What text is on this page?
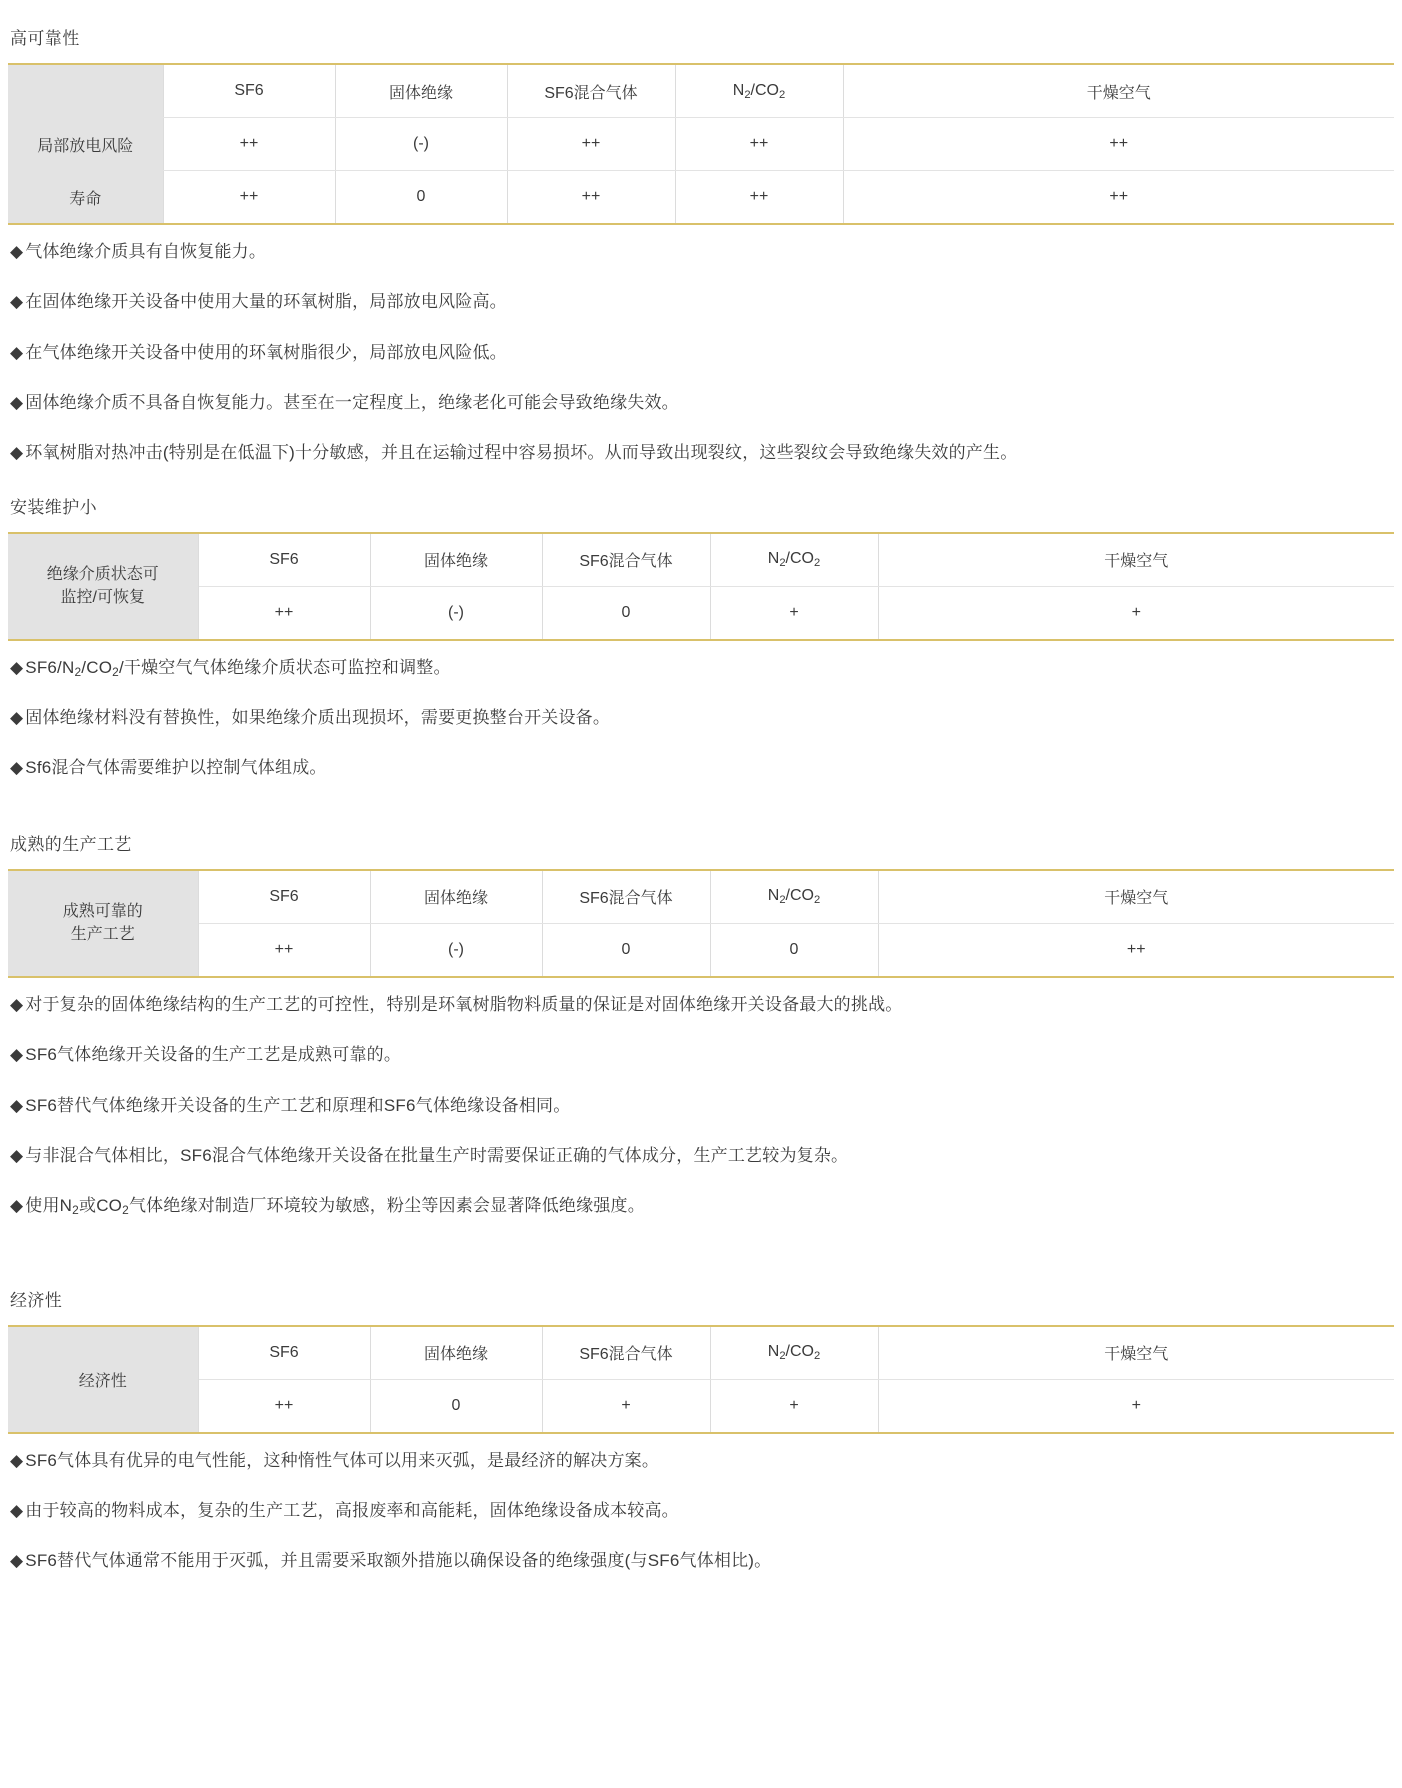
高可靠性
	SF6	固体绝缘	SF6混合气体	$N_2/CO_2$	干燥空气
局部放电风险	++	(-)	++	++	++
寿命	++	0	++	++	++

◆ 气体绝缘介质具有自恢复能力。

◆ 在固体绝缘开关设备中使用大量的环氧树脂，局部放电风险高。

◆ 在气体绝缘开关设备中使用的环氧树脂很少，局部放电风险低。

◆ 固体绝缘介质不具备自恢复能力。甚至在一定程度上，绝缘老化可能会导致绝缘失效。

◆ 环氧树脂对热冲击(特别是在低温下)十分敏感，并且在运输过程中容易损坏。从而导致出现裂纹，这些裂纹会导致绝缘失效的产生。

安装维护小
绝缘介质状态可
监控/可恢复	SF6	固体绝缘	SF6混合气体	$N_2/CO_2$	干燥空气
	++	(-)	0	+	+

◆ $SF6/N_2/CO_2/$干燥空气气体绝缘介质状态可监控和调整。

◆ 固体绝缘材料没有替换性，如果绝缘介质出现损坏，需要更换整台开关设备。

◆ Sf6混合气体需要维护以控制气体组成。

成熟的生产工艺
成熟可靠的
生产工艺	SF6	固体绝缘	SF6混合气体	$N_2/CO_2$	干燥空气
	++	(-)	0	0	++

◆ 对于复杂的固体绝缘结构的生产工艺的可控性，特别是环氧树脂物料质量的保证是对固体绝缘开关设备最大的挑战。

◆ SF6气体绝缘开关设备的生产工艺是成熟可靠的。

◆ SF6替代气体绝缘开关设备的生产工艺和原理和SF6气体绝缘设备相同。

◆ 与非混合气体相比，SF6混合气体绝缘开关设备在批量生产时需要保证正确的气体成分，生产工艺较为复杂。

◆ 使用$N_2$或$CO_2$气体绝缘对制造厂环境较为敏感，粉尘等因素会显著降低绝缘强度。

经济性
经济性	SF6	固体绝缘	SF6混合气体	$N_2/CO_2$	干燥空气
	++	0	+	+	+

◆ SF6气体具有优异的电气性能，这种惰性气体可以用来灭弧，是最经济的解决方案。

◆ 由于较高的物料成本，复杂的生产工艺，高报废率和高能耗，固体绝缘设备成本较高。

◆ SF6替代气体通常不能用于灭弧，并且需要采取额外措施以确保设备的绝缘强度(与SF6气体相比)。
